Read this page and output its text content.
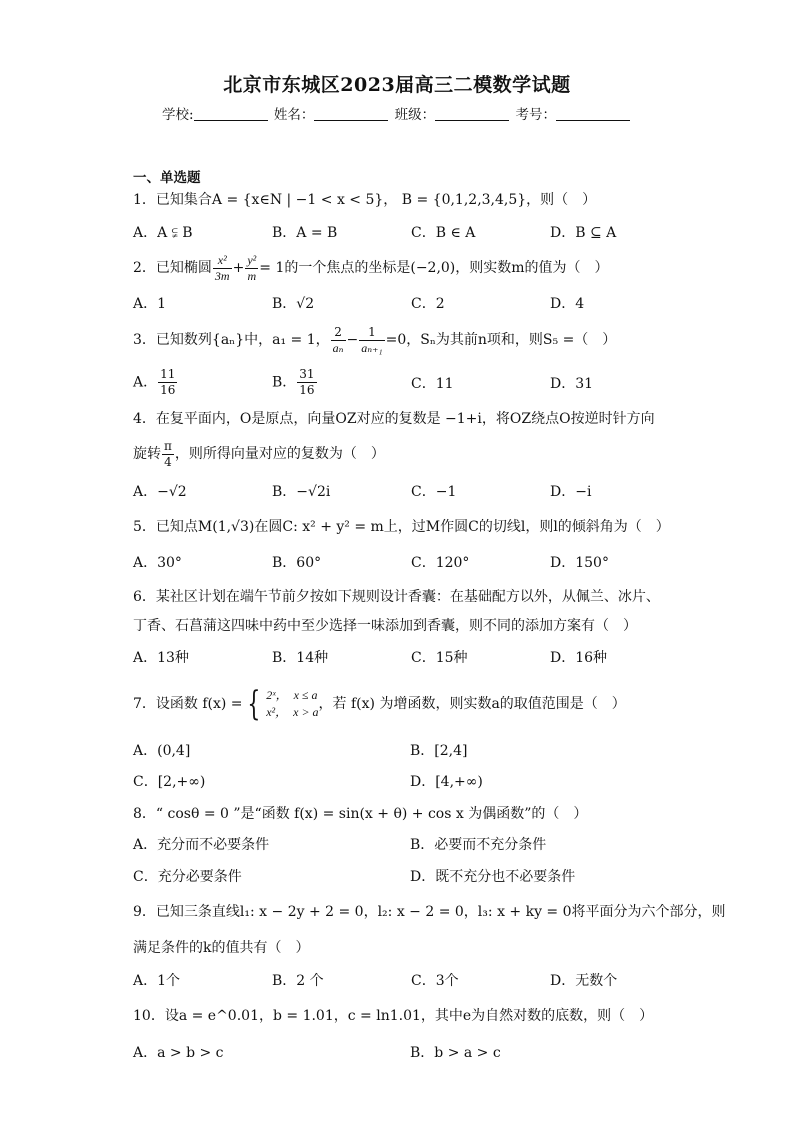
北京市东城区2023届高三二模数学试题
学校:	姓名：	班级：	考号：
一、单选题
1．已知集合A = {x∈N | −1 < x < 5}， B = {0,1,2,3,4,5}，则（　）
A．A ⫋ B	B．A = B	C．B ∈ A	D．B ⊆ A
2．已知椭圆 $\frac{\text{x²}}{3m} + \frac{\text{y²}}{m} = 1$的一个焦点的坐标是(−2,0)，则实数m的值为（　）
A．1	B．√2	C．2	D．4
3．已知数列{aₙ}中，a₁ = 1， $\frac{2}{\text{aₙ}} - \frac{1}{\text{aₙ₊₁}} =0$，Sₙ为其前n项和，则S₅ =（　）
A． $\frac{11}{16}$	B． $\frac{31}{16}$	C．11	D．31
4．在复平面内，O是原点，向量OZ对应的复数是 −1+i，将OZ绕点O按逆时针方向
旋转 $\frac{\pi}{4}$ ，则所得向量对应的复数为（　）
A．−√2	B．−√2i	C．−1	D．−i
5．已知点M(1,√3)在圆C: x² + y² = m上，过M作圆C的切线l，则l的倾斜角为（　）
A．30°	B．60°	C．120°	D．150°
6．某社区计划在端午节前夕按如下规则设计香囊：在基础配方以外，从佩兰、冰片、
丁香、石菖蒲这四味中药中至少选择一味添加到香囊，则不同的添加方案有（　）
A．13种	B．14种	C．15种	D．16种
7．设函数 f(x) = { 2ˣ，　x ≤ a
x²，　x > a ，若 f(x) 为增函数，则实数a的取值范围是（　）
A．(0,4]	B．[2,4]
C．[2,+∞)	D．[4,+∞)
8．“ cosθ = 0 ”是“函数 f(x) = sin(x + θ) + cos x 为偶函数”的（　）
A．充分而不必要条件	B．必要而不充分条件
C．充分必要条件	D．既不充分也不必要条件
9．已知三条直线l₁: x − 2y + 2 = 0，l₂: x − 2 = 0，l₃: x + ky = 0将平面分为六个部分，则
满足条件的k的值共有（　）
A．1个	B．2 个	C．3个	D．无数个
10．设a = e^0.01，b = 1.01，c = ln1.01，其中e为自然对数的底数，则（　）
A．a > b > c	B．b > a > c
